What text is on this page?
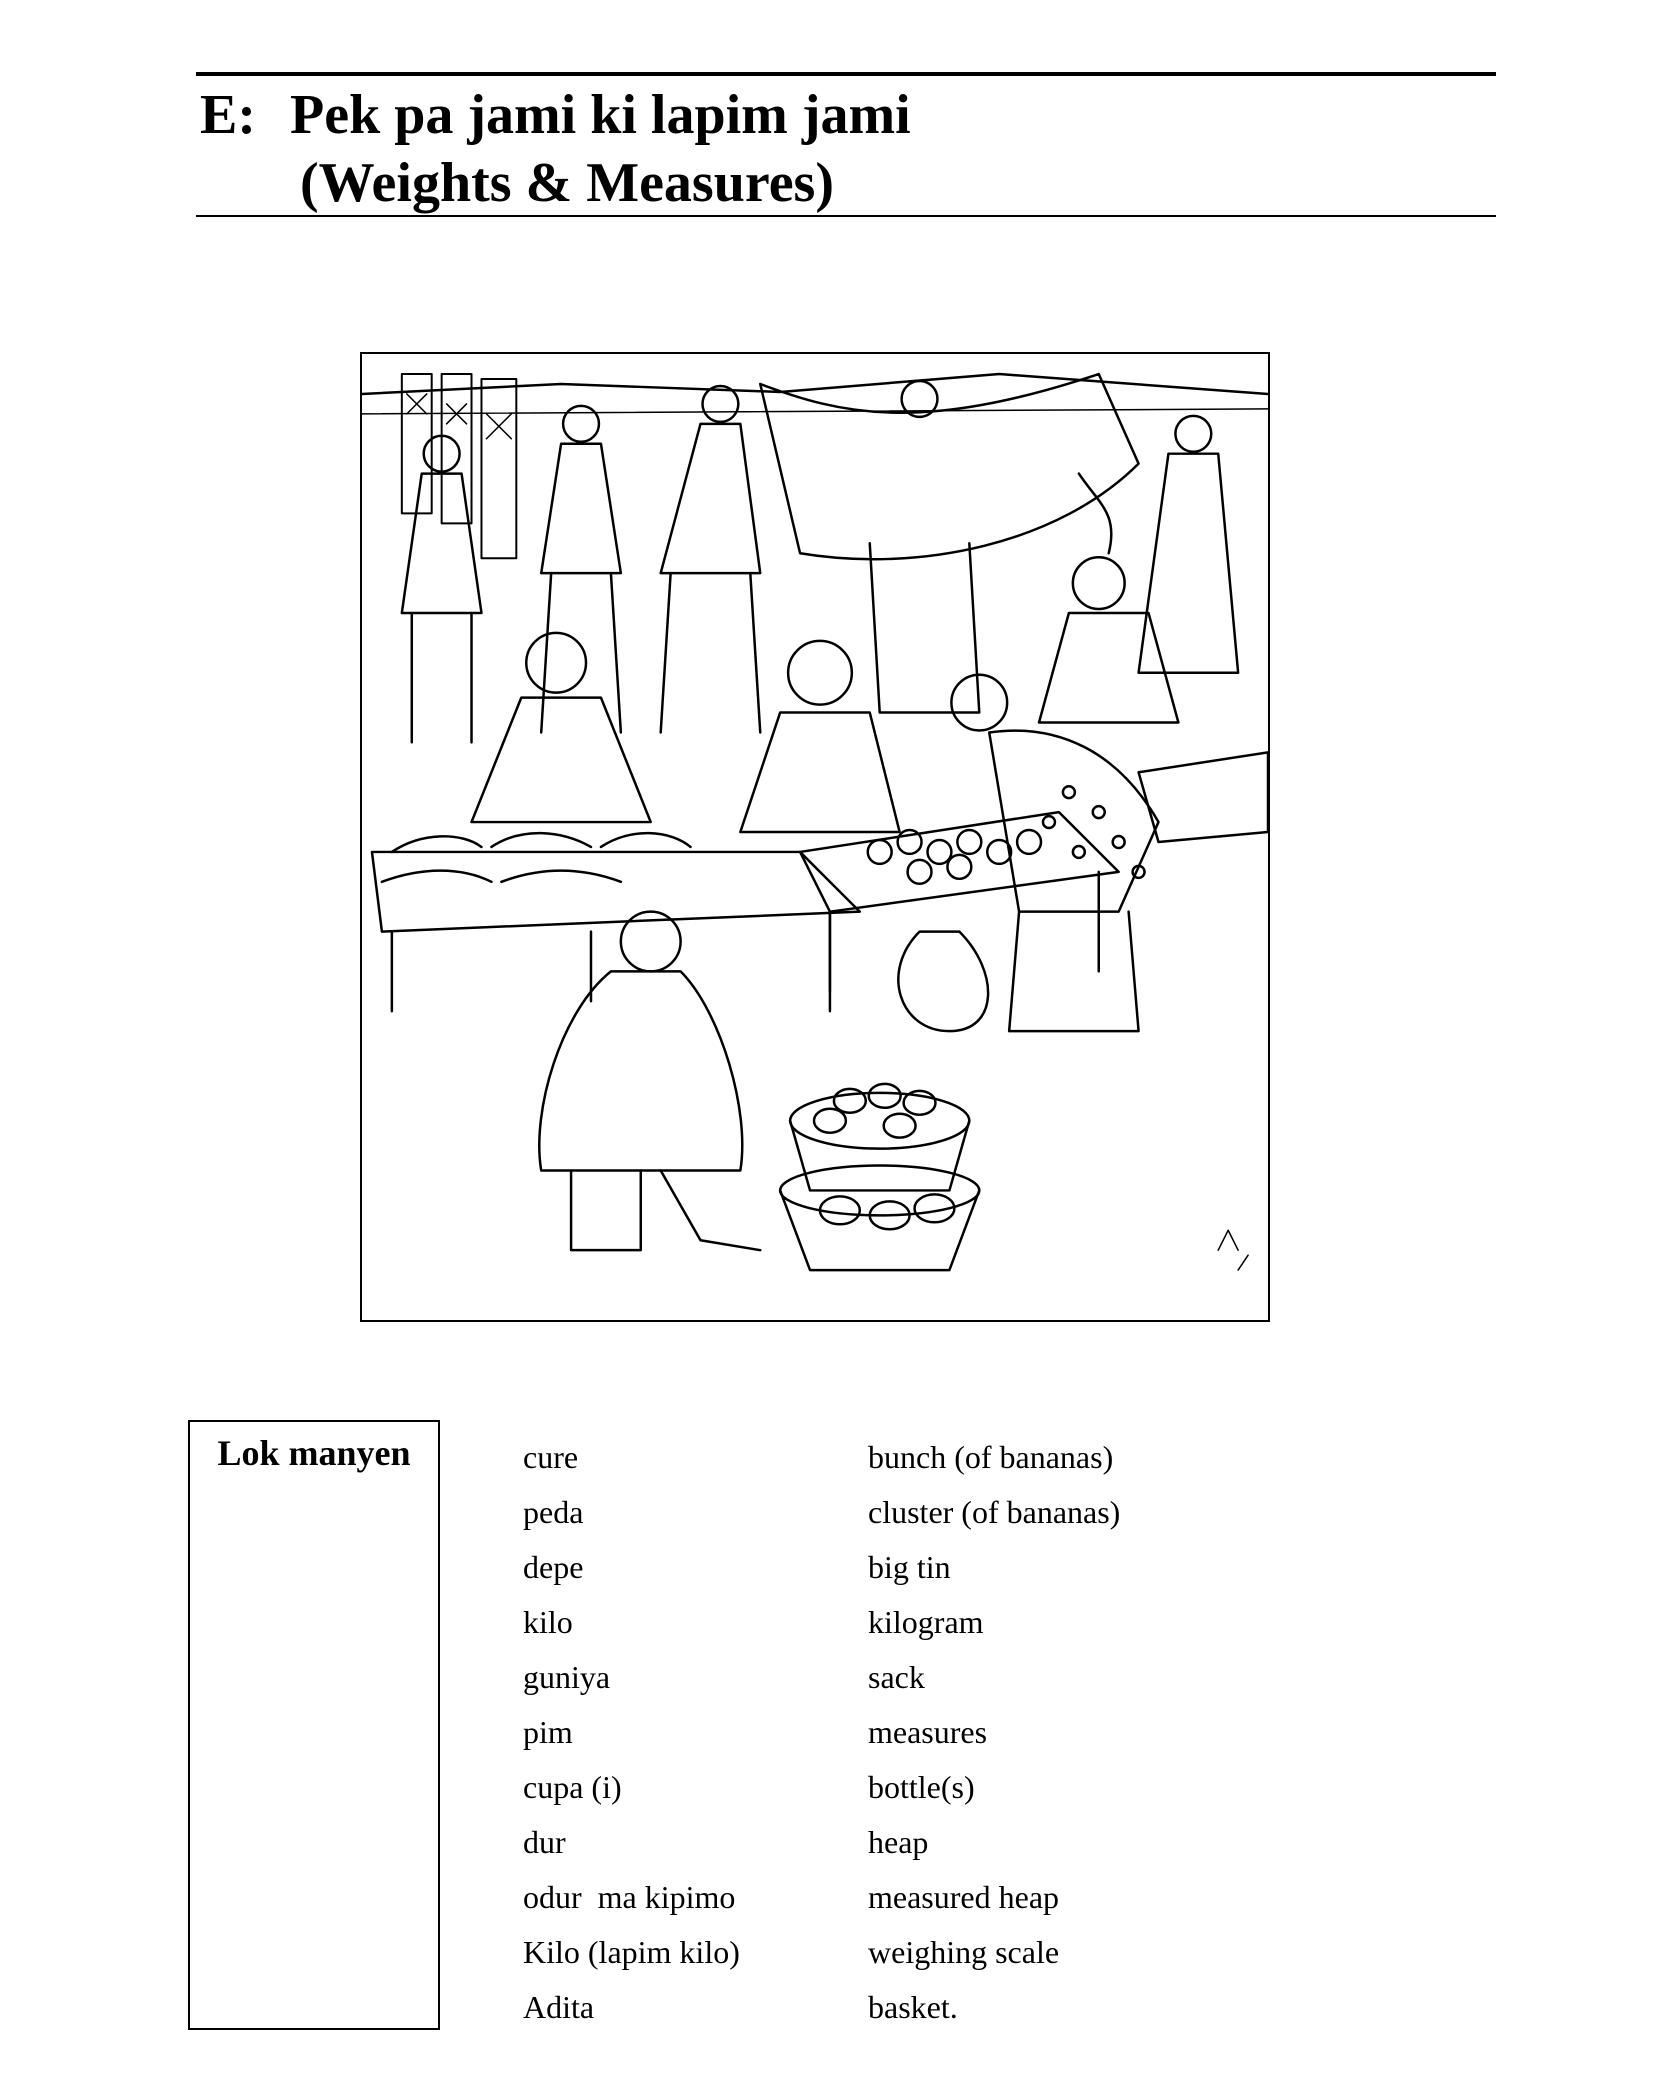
E: Pek pa jami ki lapim jami
(Weights & Measures)
Lok manyen	cure	bunch (of bananas)
peda	cluster (of bananas)
depe	big tin
kilo	kilogram
guniya	sack
pim	measures
cupa (i)	bottle(s)
dur	heap
odur  ma kipimo	measured heap
Kilo (lapim kilo)	weighing scale
Adita	basket.
